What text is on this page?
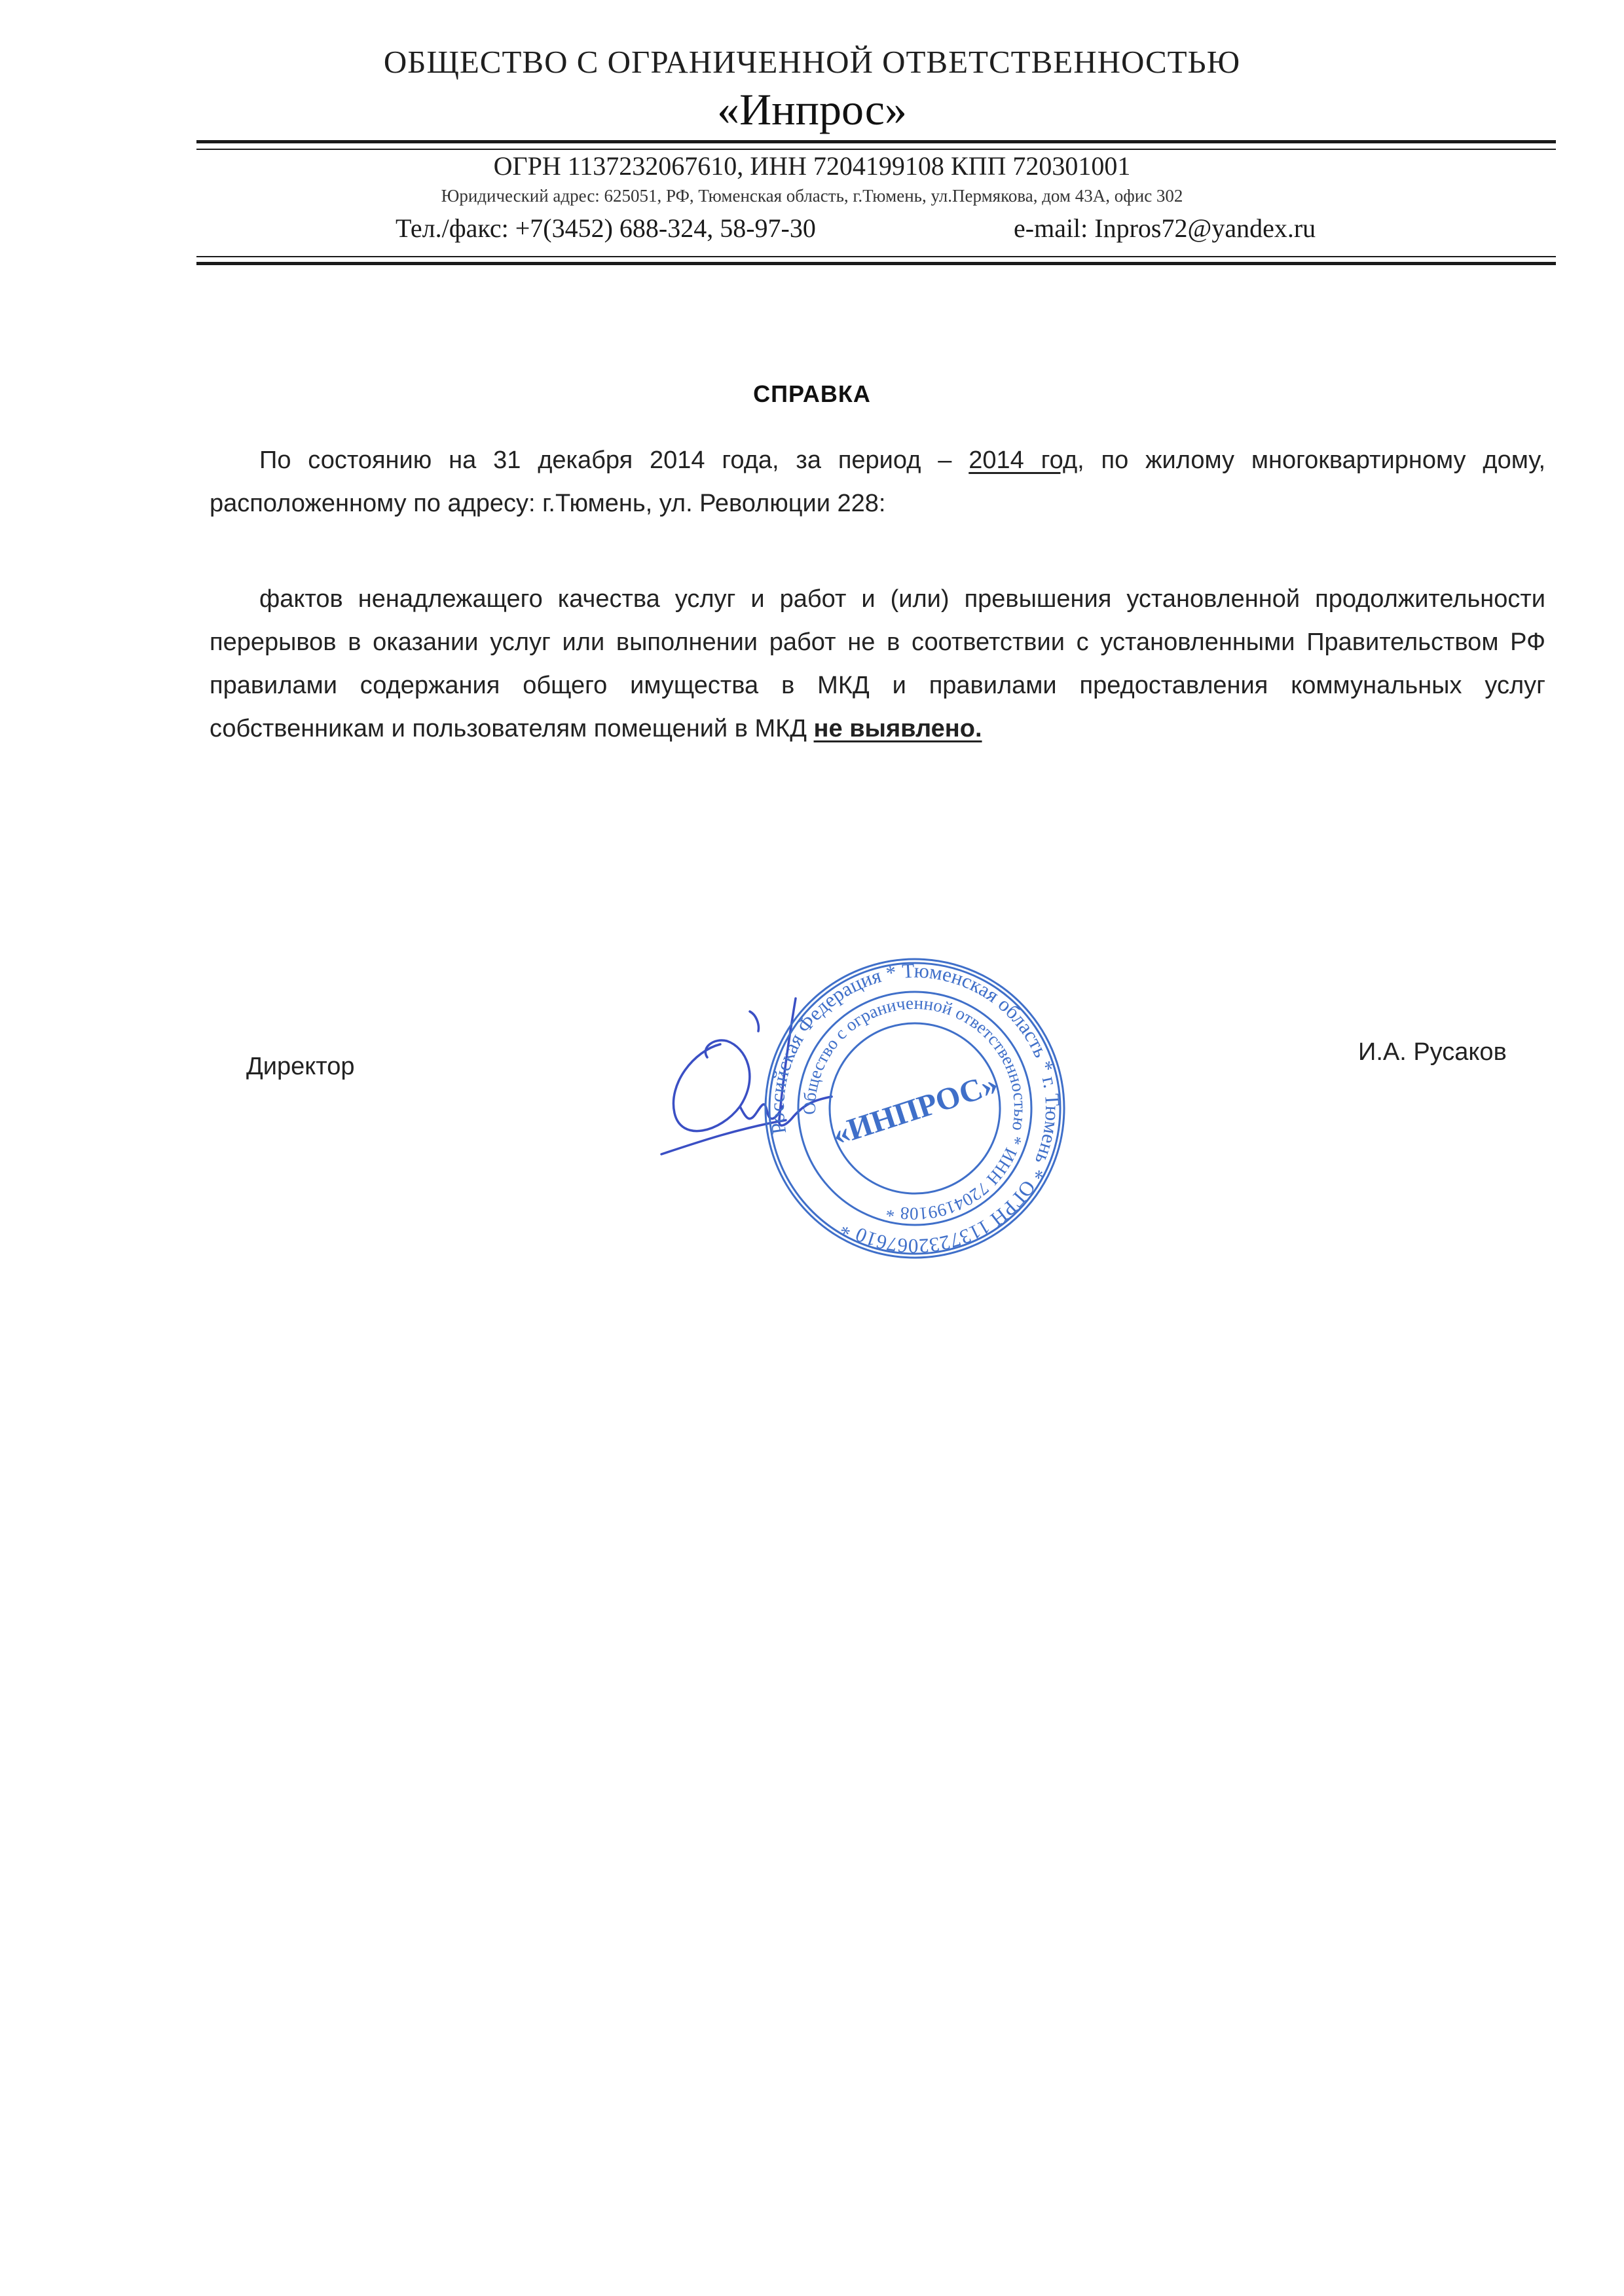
ОБЩЕСТВО С ОГРАНИЧЕННОЙ ОТВЕТСТВЕННОСТЬЮ
«Инпрос»
ОГРН 1137232067610, ИНН 7204199108 КПП 720301001
Юридический адрес: 625051, РФ, Тюменская область, г.Тюмень, ул.Пермякова, дом 43А, офис 302
Тел./факс: +7(3452) 688-324, 58-97-30	e-mail: Inpros72@yandex.ru
СПРАВКА
По состоянию на 31 декабря 2014 года, за период – 2014 год, по жилому многоквартирному дому, расположенному по адресу: г.Тюмень, ул. Революции 228:
фактов ненадлежащего качества услуг и работ и (или) превышения установленной продолжительности перерывов в оказании услуг или выполнении работ не в соответствии с установленными Правительством РФ правилами содержания общего имущества в МКД и правилами предоставления коммунальных услуг собственникам и пользователям помещений в МКД не выявлено.
Директор
Российская Федерация * Тюменская область * г. Тюмень * ОГРН 1137232067610 *
Общество с ограниченной ответственностью * ИНН 7204199108 *
«ИНПРОС»
И.А. Русаков
